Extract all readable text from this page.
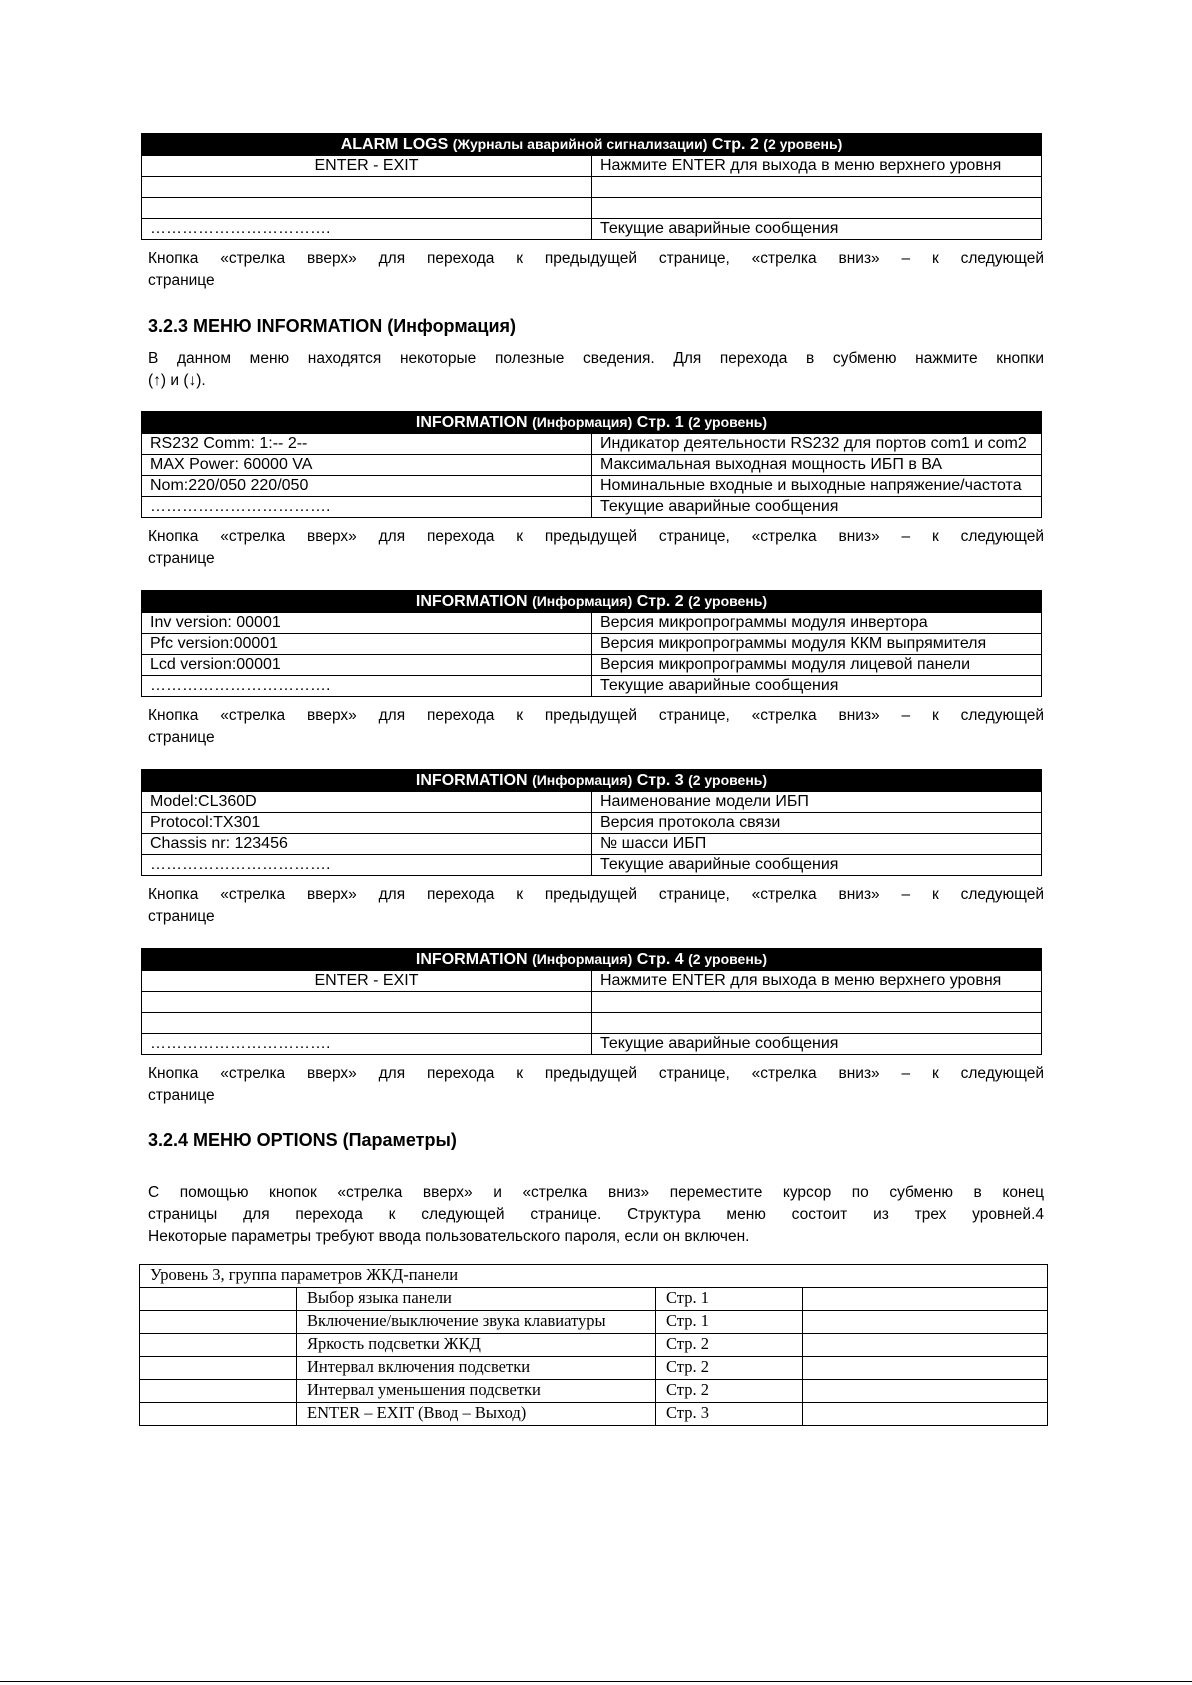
ALARM LOGS (Журналы аварийной сигнализации) Стр. 2 (2 уровень)	
ENTER - EXIT	Нажмите ENTER для выхода в меню верхнего уровня

…………………………….	Текущие аварийные сообщения
Кнопка «стрелка вверх» для перехода к предыдущей странице, «стрелка вниз» – к следующей
странице
3.2.3 МЕНЮ INFORMATION (Информация)
В данном меню находятся некоторые полезные сведения. Для перехода в субменю нажмите кнопки
(↑) и (↓).
INFORMATION (Информация) Стр. 1 (2 уровень)	
RS232 Comm: 1:-- 2--	Индикатор деятельности RS232 для портов com1 и com2
MAX Power: 60000 VA	Максимальная выходная мощность ИБП в ВА
Nom:220/050 220/050	Номинальные входные и выходные напряжение/частота
…………………………….	Текущие аварийные сообщения
Кнопка «стрелка вверх» для перехода к предыдущей странице, «стрелка вниз» – к следующей
странице
INFORMATION (Информация) Стр. 2 (2 уровень)	
Inv version: 00001	Версия микропрограммы модуля инвертора
Pfc version:00001	Версия микропрограммы модуля ККМ выпрямителя
Lcd version:00001	Версия микропрограммы модуля лицевой панели
…………………………….	Текущие аварийные сообщения
Кнопка «стрелка вверх» для перехода к предыдущей странице, «стрелка вниз» – к следующей
странице
INFORMATION (Информация) Стр. 3 (2 уровень)	
Model:CL360D	Наименование модели ИБП
Protocol:TX301	Версия протокола связи
Chassis nr: 123456	№ шасси ИБП
…………………………….	Текущие аварийные сообщения
Кнопка «стрелка вверх» для перехода к предыдущей странице, «стрелка вниз» – к следующей
странице
INFORMATION (Информация) Стр. 4 (2 уровень)	
ENTER - EXIT	Нажмите ENTER для выхода в меню верхнего уровня

…………………………….	Текущие аварийные сообщения
Кнопка «стрелка вверх» для перехода к предыдущей странице, «стрелка вниз» – к следующей
странице
3.2.4 МЕНЮ OPTIONS (Параметры)
С помощью кнопок «стрелка вверх» и «стрелка вниз» переместите курсор по субменю в конец
страницы для перехода к следующей странице. Структура меню состоит из трех уровней.4
Некоторые параметры требуют ввода пользовательского пароля, если он включен.
Уровень 3, группа параметров ЖКД-панели			
	Выбор языка панели	Стр. 1	
	Включение/выключение звука клавиатуры	Стр. 1	
	Яркость подсветки ЖКД	Стр. 2	
	Интервал включения подсветки	Стр. 2	
	Интервал уменьшения подсветки	Стр. 2	
	ENTER – EXIT (Ввод – Выход)	Стр. 3	
